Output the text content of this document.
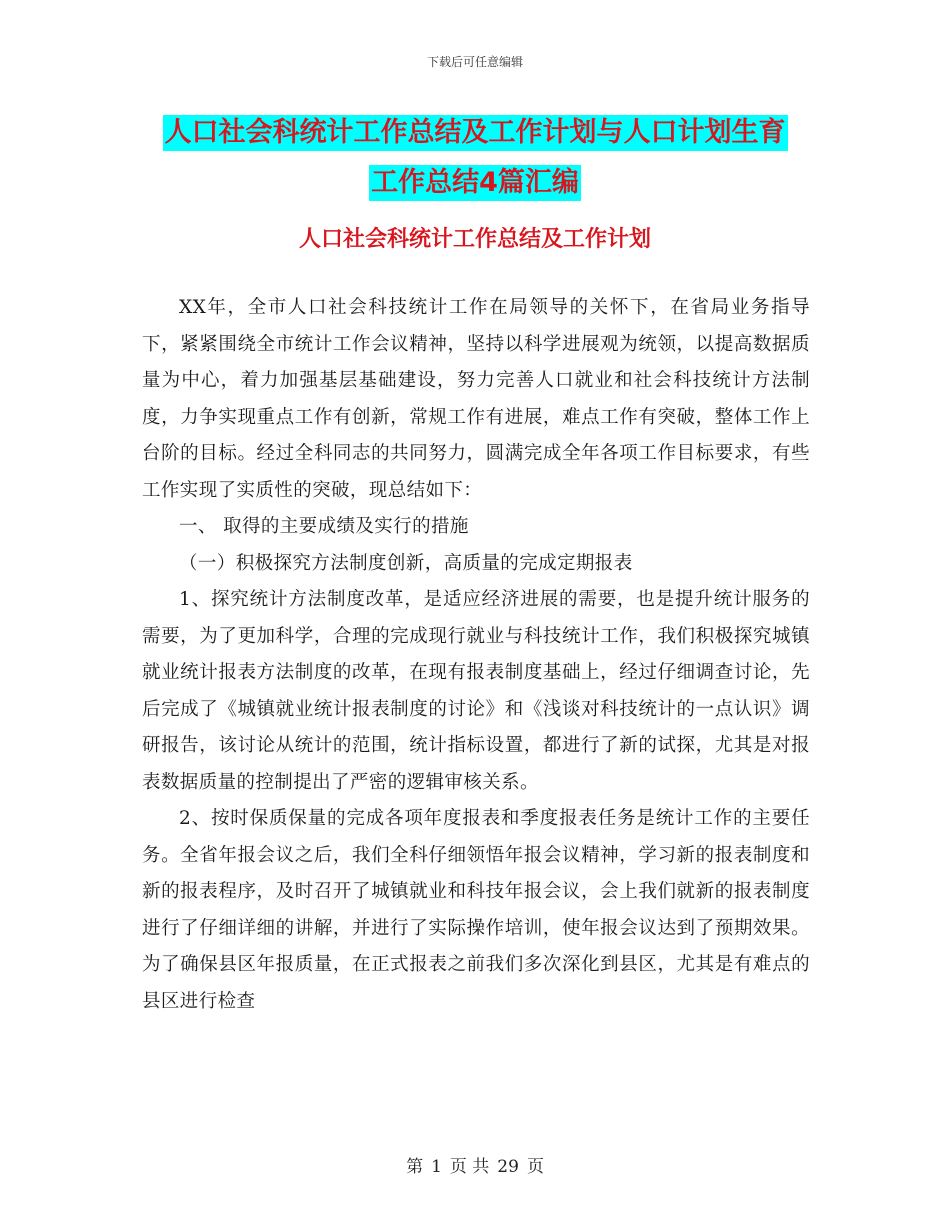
下载后可任意编辑
人口社会科统计工作总结及工作计划与人口计划生育
工作总结4篇汇编
人口社会科统计工作总结及工作计划

XX年，全市人口社会科技统计工作在局领导的关怀下，在省局业务指导下，紧紧围绕全市统计工作会议精神，坚持以科学进展观为统领，以提高数据质量为中心，着力加强基层基础建设，努力完善人口就业和社会科技统计方法制度，力争实现重点工作有创新，常规工作有进展，难点工作有突破，整体工作上台阶的目标。经过全科同志的共同努力，圆满完成全年各项工作目标要求，有些工作实现了实质性的突破，现总结如下：

一、 取得的主要成绩及实行的措施

（一）积极探究方法制度创新，高质量的完成定期报表

1、探究统计方法制度改革，是适应经济进展的需要，也是提升统计服务的需要，为了更加科学，合理的完成现行就业与科技统计工作，我们积极探究城镇就业统计报表方法制度的改革，在现有报表制度基础上，经过仔细调查讨论，先后完成了《城镇就业统计报表制度的讨论》和《浅谈对科技统计的一点认识》调研报告，该讨论从统计的范围，统计指标设置，都进行了新的试探，尤其是对报表数据质量的控制提出了严密的逻辑审核关系。

2、按时保质保量的完成各项年度报表和季度报表任务是统计工作的主要任务。全省年报会议之后，我们全科仔细领悟年报会议精神，学习新的报表制度和新的报表程序，及时召开了城镇就业和科技年报会议，会上我们就新的报表制度进行了仔细详细的讲解，并进行了实际操作培训，使年报会议达到了预期效果。为了确保县区年报质量，在正式报表之前我们多次深化到县区，尤其是有难点的县区进行检查

第 1 页 共 29 页
